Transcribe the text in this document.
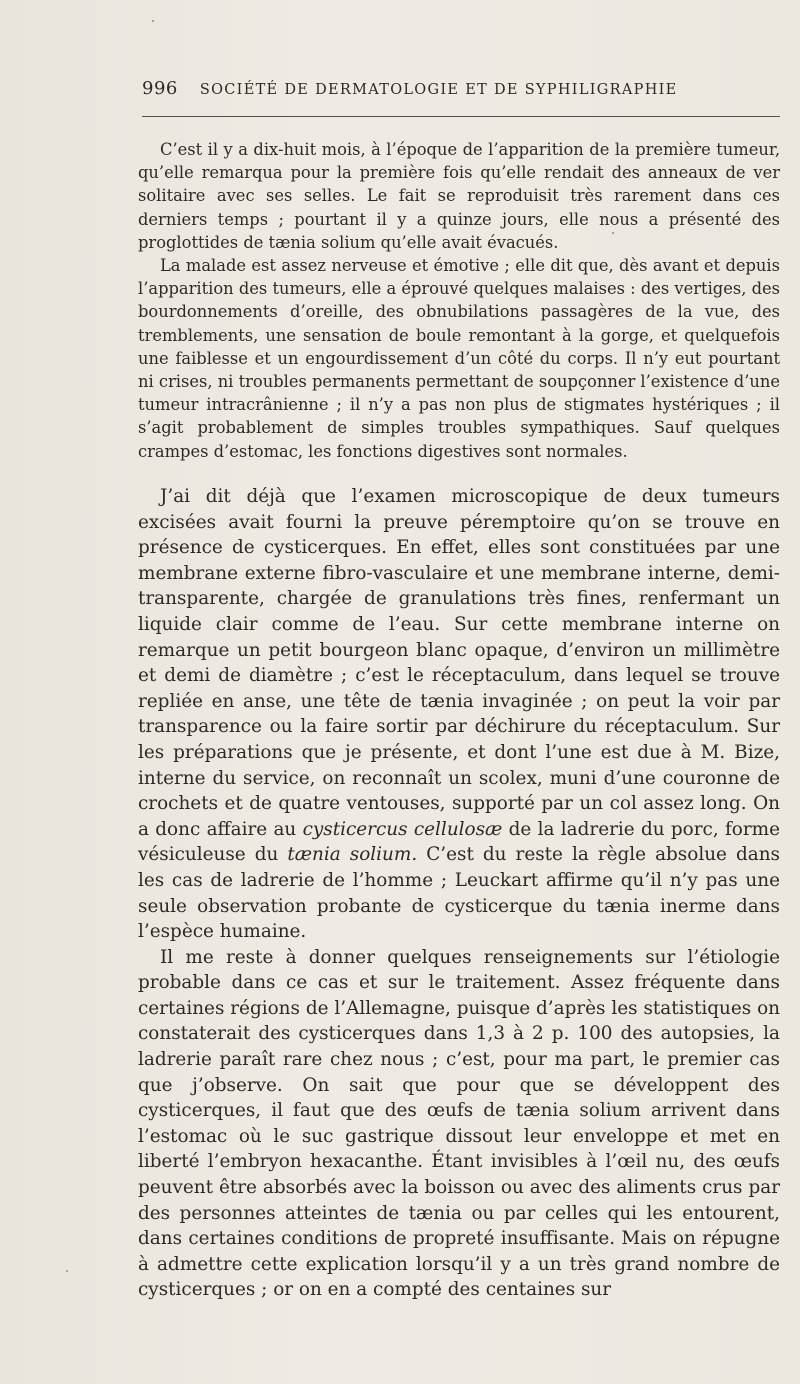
996 SOCIÉTÉ DE DERMATOLOGIE ET DE SYPHILIGRAPHIE

C’est il y a dix-huit mois, à l’époque de l’apparition de la première tumeur, qu’elle remarqua pour la première fois qu’elle rendait des anneaux de ver solitaire avec ses selles. Le fait se reproduisit très rarement dans ces derniers temps ; pourtant il y a quinze jours, elle nous a présenté des proglottides de tænia solium qu’elle avait évacués.

La malade est assez nerveuse et émotive ; elle dit que, dès avant et depuis l’apparition des tumeurs, elle a éprouvé quelques malaises : des vertiges, des bourdonnements d’oreille, des obnubilations passagères de la vue, des tremblements, une sensation de boule remontant à la gorge, et quelquefois une faiblesse et un engourdissement d’un côté du corps. Il n’y eut pourtant ni crises, ni troubles permanents permettant de soupçonner l’existence d’une tumeur intracrânienne ; il n’y a pas non plus de stigmates hystériques ; il s’agit probablement de simples troubles sympathiques. Sauf quelques crampes d’estomac, les fonctions digestives sont normales.

J’ai dit déjà que l’examen microscopique de deux tumeurs excisées avait fourni la preuve péremptoire qu’on se trouve en présence de cysticerques. En effet, elles sont constituées par une membrane externe fibro-vasculaire et une membrane interne, demi-transparente, chargée de granulations très fines, renfermant un liquide clair comme de l’eau. Sur cette membrane interne on remarque un petit bourgeon blanc opaque, d’environ un millimètre et demi de diamètre ; c’est le réceptaculum, dans lequel se trouve repliée en anse, une tête de tænia invaginée ; on peut la voir par transparence ou la faire sortir par déchirure du réceptaculum. Sur les préparations que je présente, et dont l’une est due à M. Bize, interne du service, on reconnaît un scolex, muni d’une couronne de crochets et de quatre ventouses, supporté par un col assez long. On a donc affaire au cysticercus cellulosæ de la ladrerie du porc, forme vésiculeuse du tænia solium. C’est du reste la règle absolue dans les cas de ladrerie de l’homme ; Leuckart affirme qu’il n’y pas une seule observation probante de cysticerque du tænia inerme dans l’espèce humaine.

Il me reste à donner quelques renseignements sur l’étiologie probable dans ce cas et sur le traitement. Assez fréquente dans certaines régions de l’Allemagne, puisque d’après les statistiques on constaterait des cysticerques dans 1,3 à 2 p. 100 des autopsies, la ladrerie paraît rare chez nous ; c’est, pour ma part, le premier cas que j’observe. On sait que pour que se développent des cysticerques, il faut que des œufs de tænia solium arrivent dans l’estomac où le suc gastrique dissout leur enveloppe et met en liberté l’embryon hexacanthe. Étant invisibles à l’œil nu, des œufs peuvent être absorbés avec la boisson ou avec des aliments crus par des personnes atteintes de tænia ou par celles qui les entourent, dans certaines conditions de propreté insuffisante. Mais on répugne à admettre cette explication lorsqu’il y a un très grand nombre de cysticerques ; or on en a compté des centaines sur
